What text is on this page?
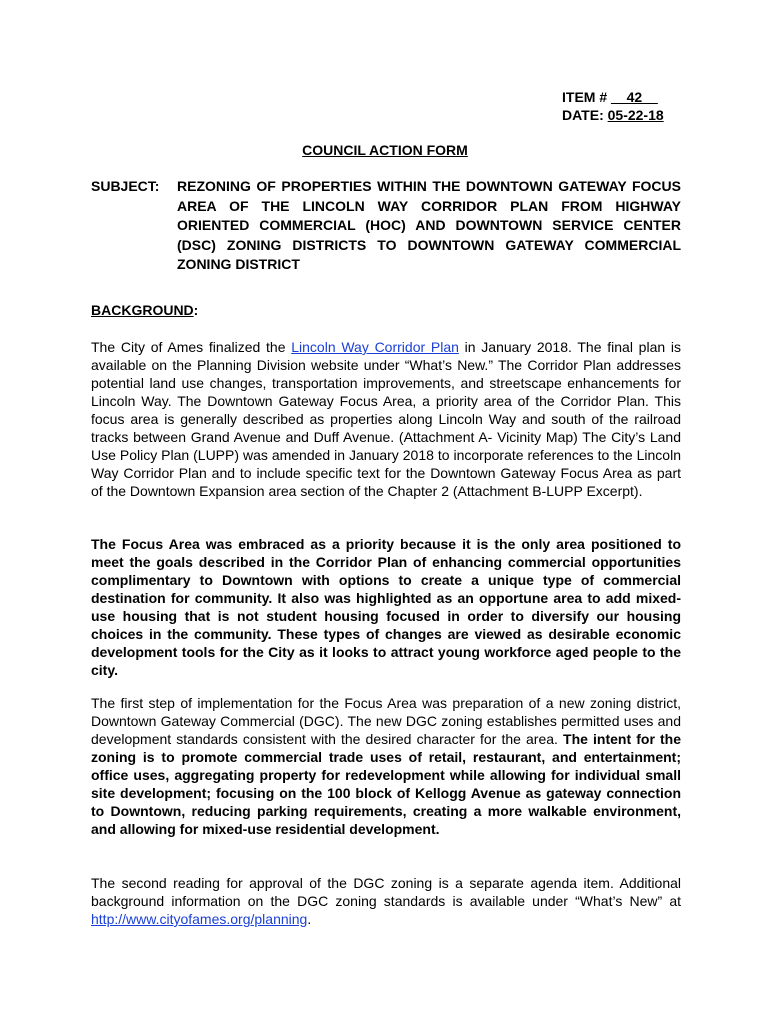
ITEM # __42__
DATE: 05-22-18
COUNCIL ACTION FORM
SUBJECT: REZONING OF PROPERTIES WITHIN THE DOWNTOWN GATEWAY FOCUS AREA OF THE LINCOLN WAY CORRIDOR PLAN FROM HIGHWAY ORIENTED COMMERCIAL (HOC) AND DOWNTOWN SERVICE CENTER (DSC) ZONING DISTRICTS TO DOWNTOWN GATEWAY COMMERCIAL ZONING DISTRICT
BACKGROUND:

The City of Ames finalized the Lincoln Way Corridor Plan in January 2018. The final plan is available on the Planning Division website under “What’s New.” The Corridor Plan addresses potential land use changes, transportation improvements, and streetscape enhancements for Lincoln Way. The Downtown Gateway Focus Area, a priority area of the Corridor Plan. This focus area is generally described as properties along Lincoln Way and south of the railroad tracks between Grand Avenue and Duff Avenue. (Attachment A- Vicinity Map) The City’s Land Use Policy Plan (LUPP) was amended in January 2018 to incorporate references to the Lincoln Way Corridor Plan and to include specific text for the Downtown Gateway Focus Area as part of the Downtown Expansion area section of the Chapter 2 (Attachment B-LUPP Excerpt).

The Focus Area was embraced as a priority because it is the only area positioned to meet the goals described in the Corridor Plan of enhancing commercial opportunities complimentary to Downtown with options to create a unique type of commercial destination for community. It also was highlighted as an opportune area to add mixed-use housing that is not student housing focused in order to diversify our housing choices in the community. These types of changes are viewed as desirable economic development tools for the City as it looks to attract young workforce aged people to the city.

The first step of implementation for the Focus Area was preparation of a new zoning district, Downtown Gateway Commercial (DGC). The new DGC zoning establishes permitted uses and development standards consistent with the desired character for the area. The intent for the zoning is to promote commercial trade uses of retail, restaurant, and entertainment; office uses, aggregating property for redevelopment while allowing for individual small site development; focusing on the 100 block of Kellogg Avenue as gateway connection to Downtown, reducing parking requirements, creating a more walkable environment, and allowing for mixed-use residential development.

The second reading for approval of the DGC zoning is a separate agenda item. Additional background information on the DGC zoning standards is available under “What’s New” at http://www.cityofames.org/planning.
